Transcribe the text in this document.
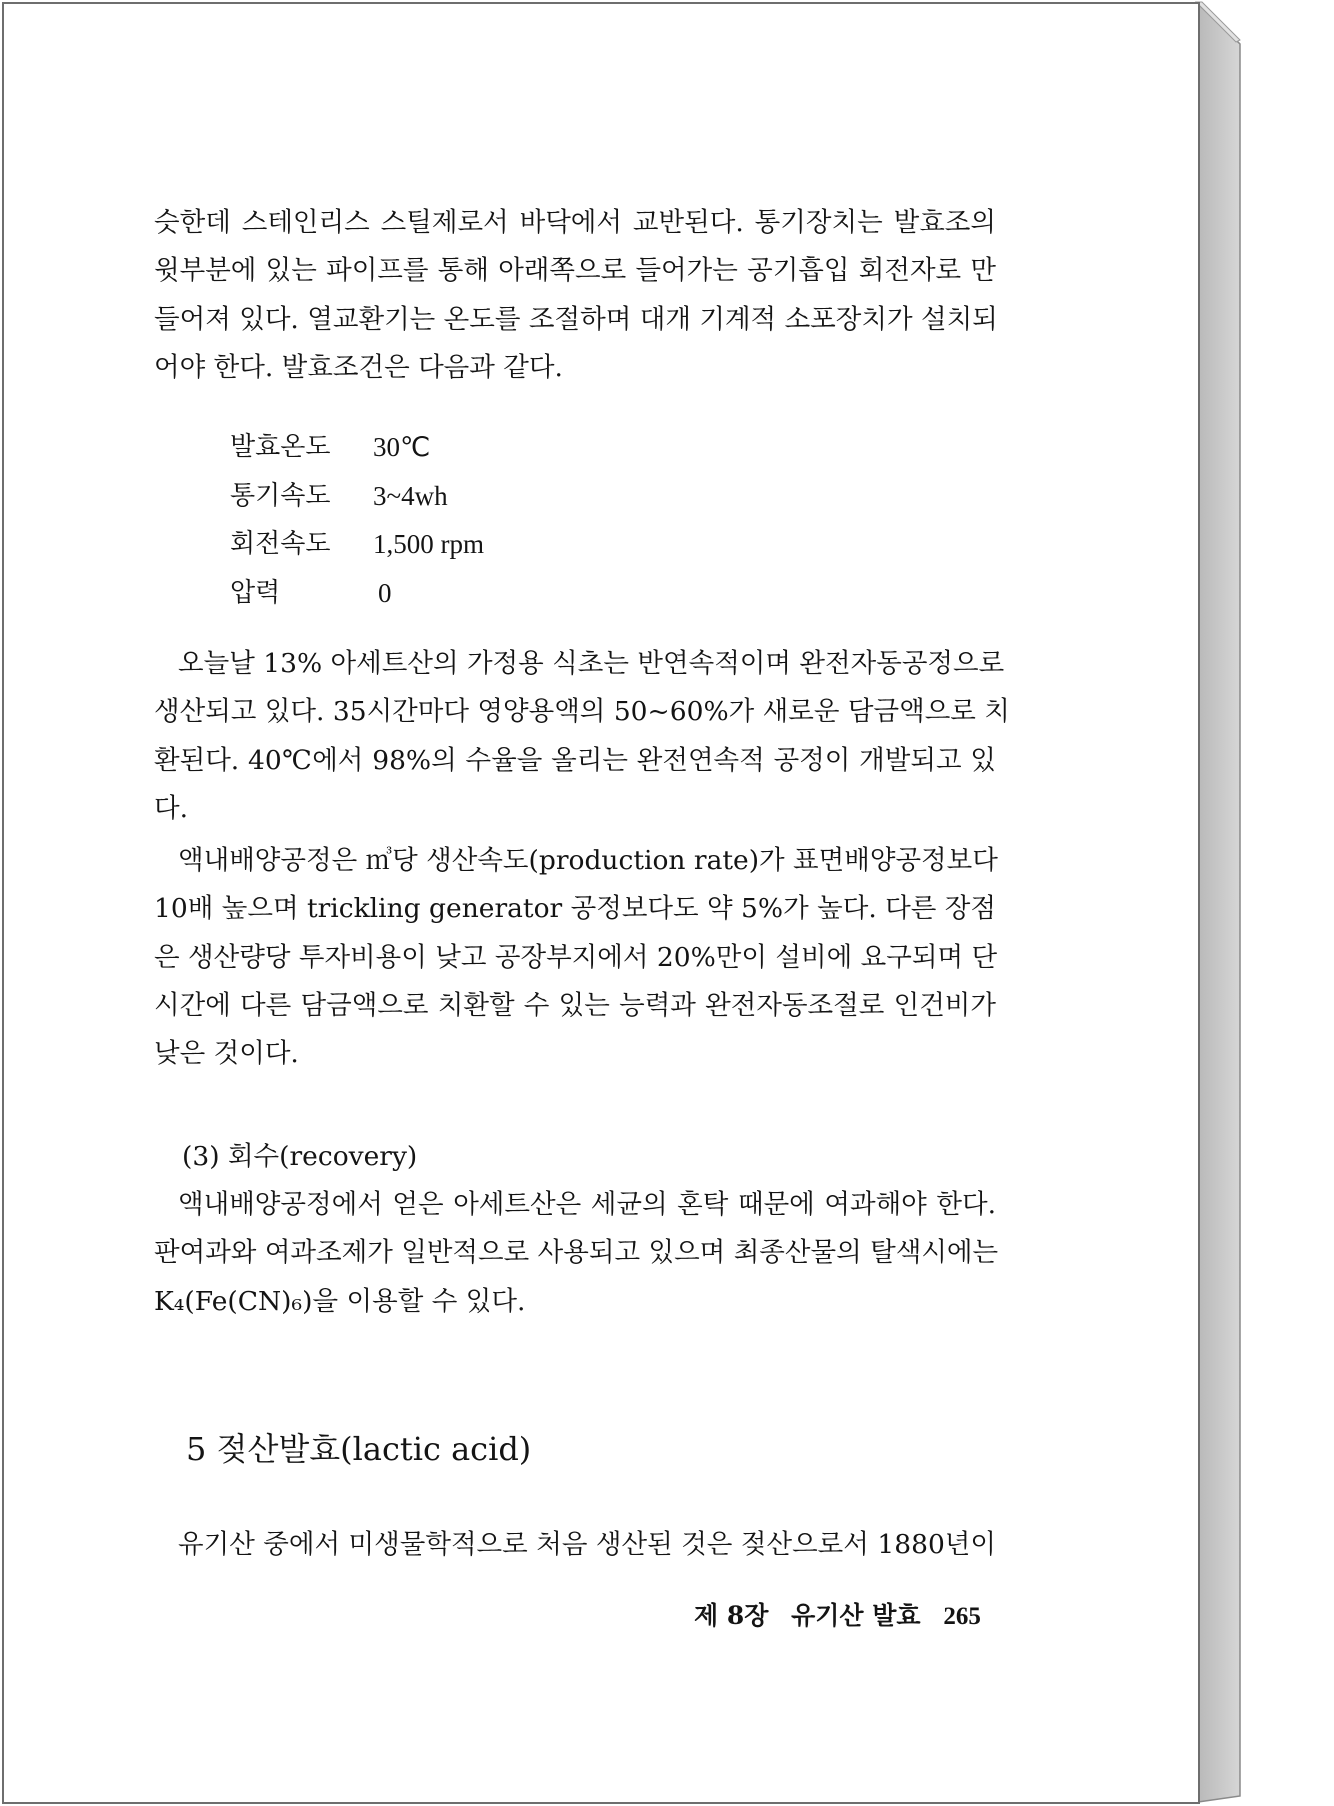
슷한데 스테인리스 스틸제로서 바닥에서 교반된다. 통기장치는 발효조의
윗부분에 있는 파이프를 통해 아래쪽으로 들어가는 공기흡입 회전자로 만
들어져 있다. 열교환기는 온도를 조절하며 대개 기계적 소포장치가 설치되
어야 한다. 발효조건은 다음과 같다.
발효온도 30℃
통기속도 3~4wh
회전속도 1,500 rpm
압력	0
오늘날 13% 아세트산의 가정용 식초는 반연속적이며 완전자동공정으로
생산되고 있다. 35시간마다 영양용액의 50~60%가 새로운 담금액으로 치
환된다. 40℃에서 98%의 수율을 올리는 완전연속적 공정이 개발되고 있
다.
액내배양공정은 ㎥당 생산속도(production rate)가 표면배양공정보다
10배 높으며 trickling generator 공정보다도 약 5%가 높다. 다른 장점
은 생산량당 투자비용이 낮고 공장부지에서 20%만이 설비에 요구되며 단
시간에 다른 담금액으로 치환할 수 있는 능력과 완전자동조절로 인건비가
낮은 것이다.
(3) 회수(recovery)
액내배양공정에서 얻은 아세트산은 세균의 혼탁 때문에 여과해야 한다.
판여과와 여과조제가 일반적으로 사용되고 있으며 최종산물의 탈색시에는
K₄(Fe(CN)₆)을 이용할 수 있다.
5 젖산발효(lactic acid)
유기산 중에서 미생물학적으로 처음 생산된 것은 젖산으로서 1880년이
제 8장 유기산 발효 265
